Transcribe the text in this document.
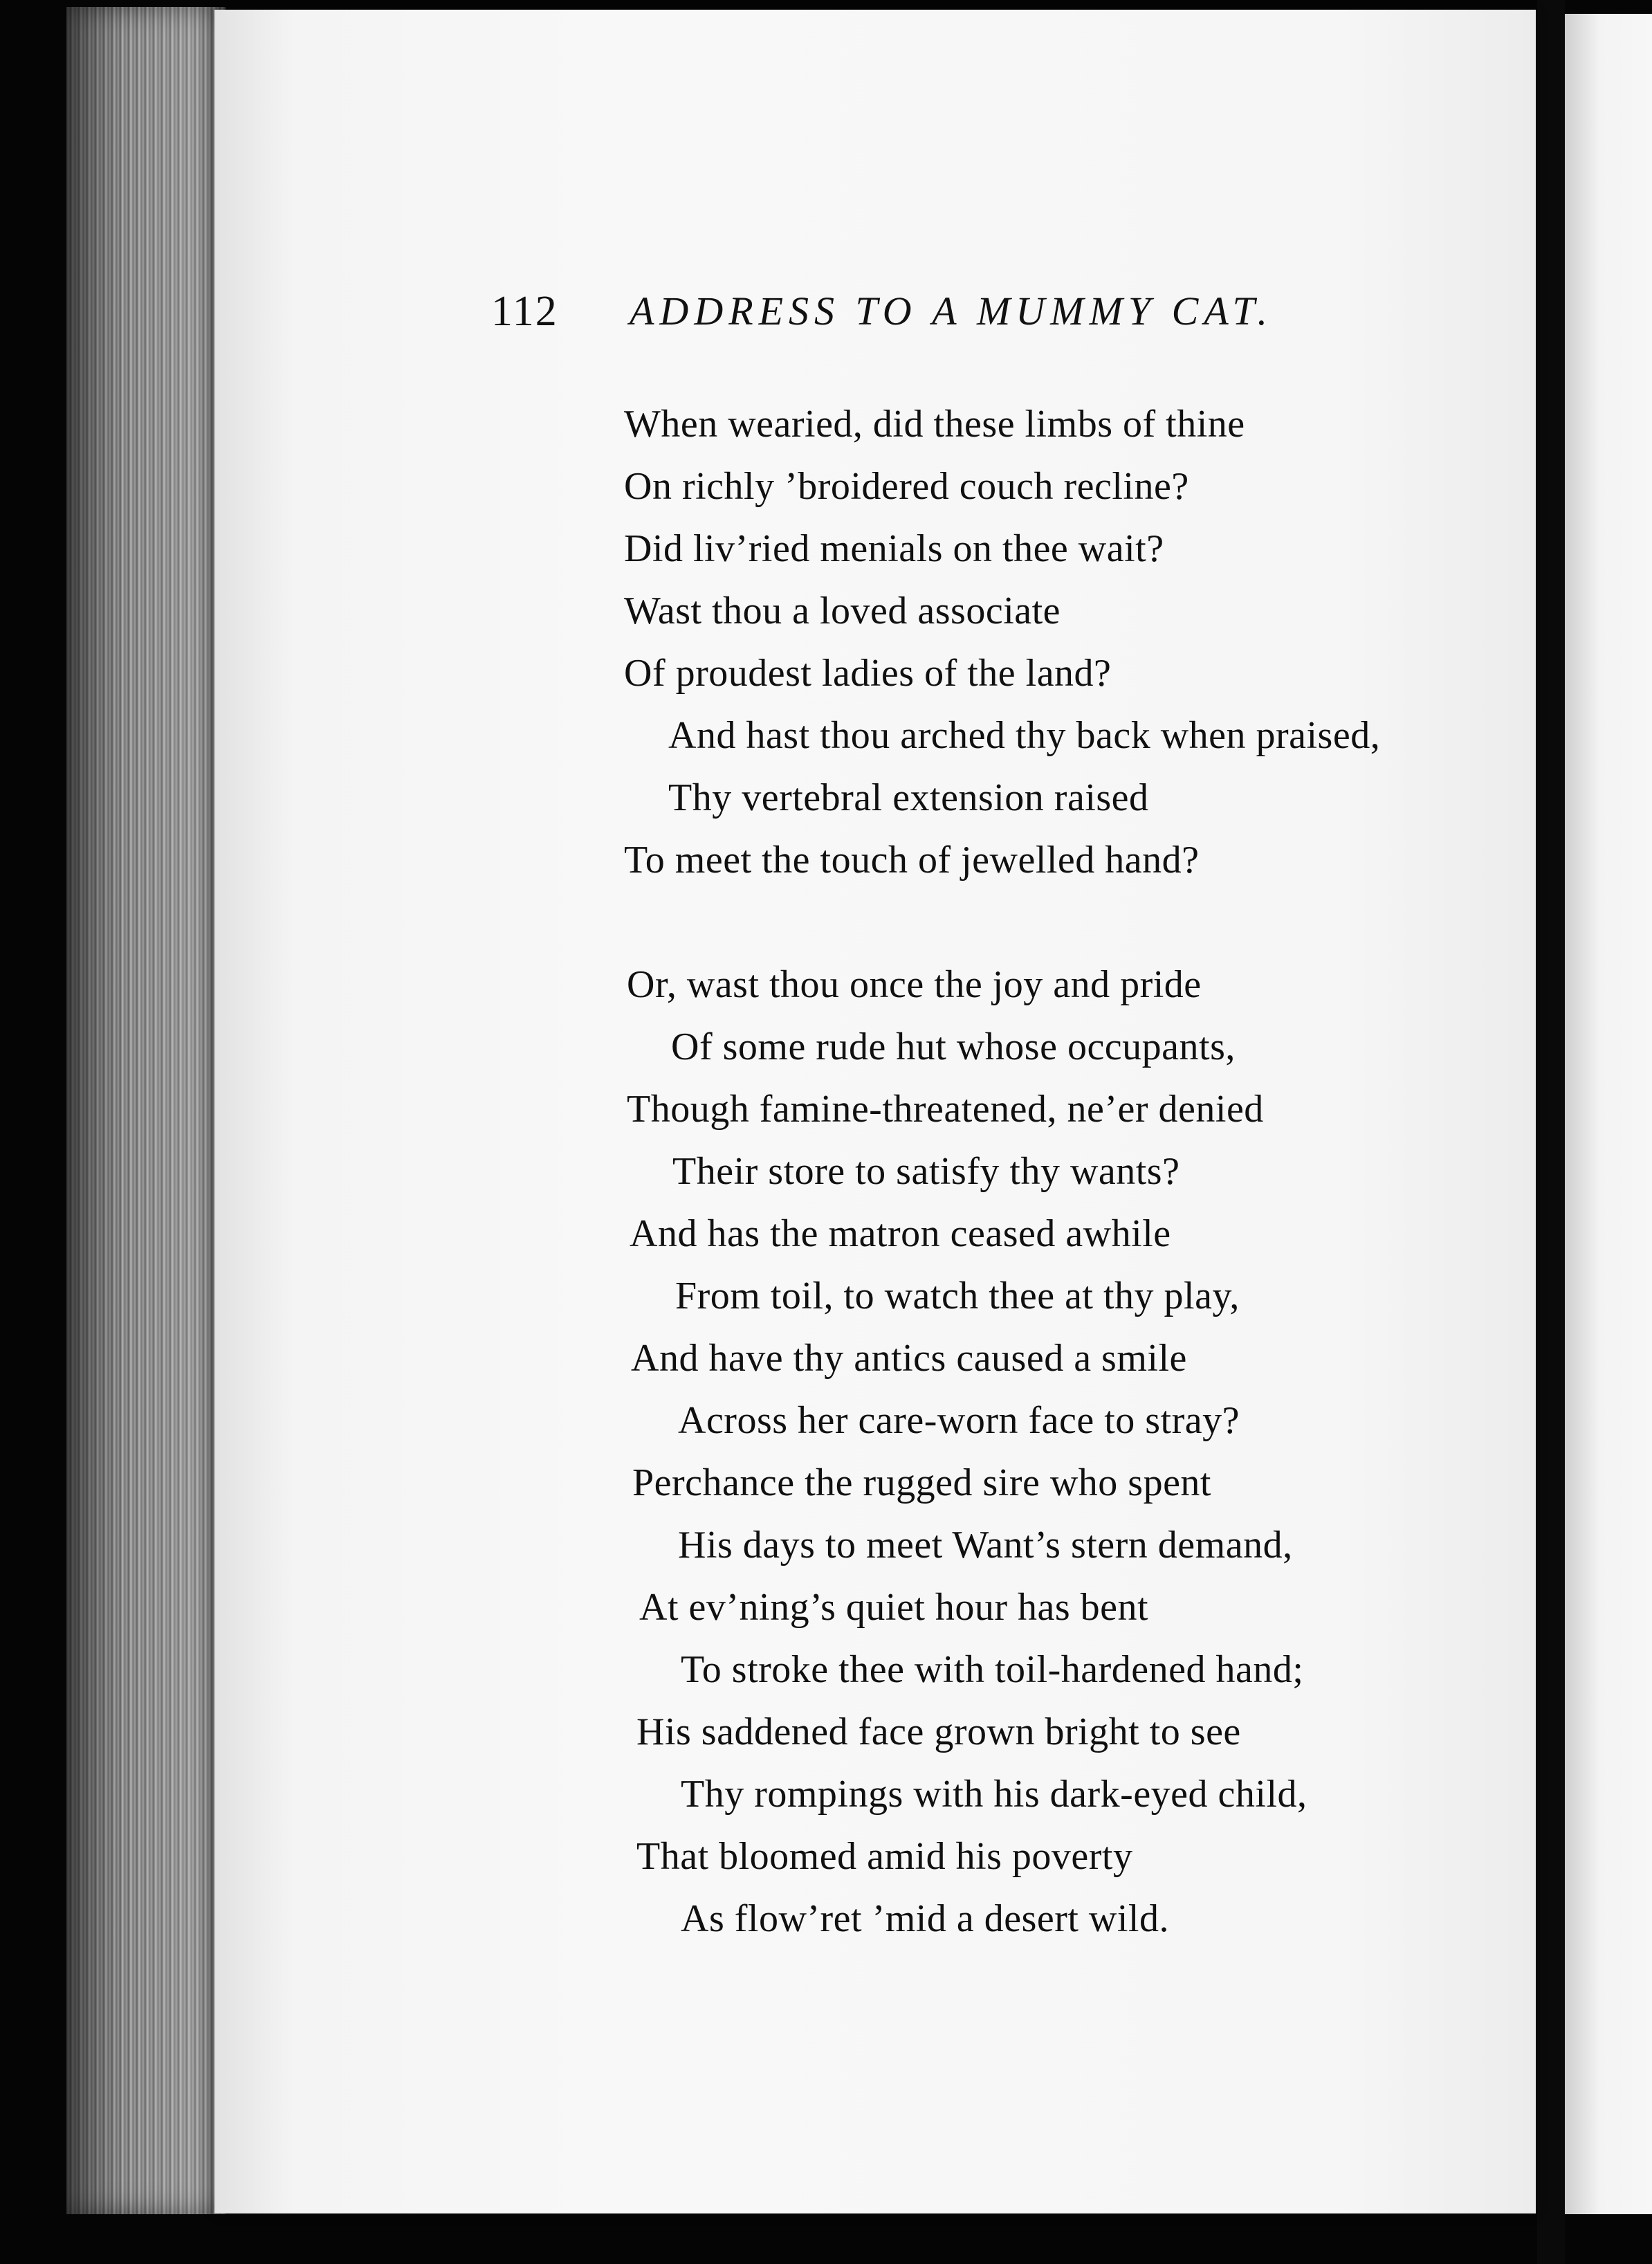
112 ADDRESS TO A MUMMY CAT.
When wearied, did these limbs of thine
On richly ’broidered couch recline?
Did liv’ried menials on thee wait?
Wast thou a loved associate
Of proudest ladies of the land?
And hast thou arched thy back when praised,
Thy vertebral extension raised
To meet the touch of jewelled hand?
Or, wast thou once the joy and pride
Of some rude hut whose occupants,
Though famine-threatened, ne’er denied
Their store to satisfy thy wants?
And has the matron ceased awhile
From toil, to watch thee at thy play,
And have thy antics caused a smile
Across her care-worn face to stray?
Perchance the rugged sire who spent
His days to meet Want’s stern demand,
At ev’ning’s quiet hour has bent
To stroke thee with toil-hardened hand;
His saddened face grown bright to see
Thy rompings with his dark-eyed child,
That bloomed amid his poverty
As flow’ret ’mid a desert wild.
